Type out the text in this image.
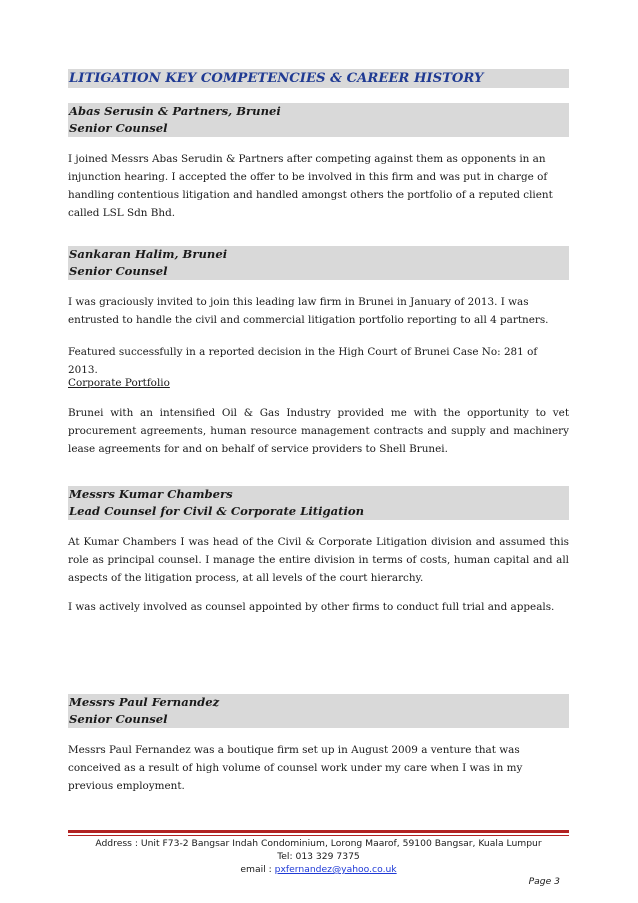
LITIGATION KEY COMPETENCIES & CAREER HISTORY
Abas Serusin & Partners, Brunei
Senior Counsel

I joined Messrs Abas Serudin & Partners after competing against them as opponents in an injunction hearing. I accepted the offer to be involved in this firm and was put in charge of handling contentious litigation and handled amongst others the portfolio of a reputed client called LSL Sdn Bhd.

Sankaran Halim, Brunei
Senior Counsel

I was graciously invited to join this leading law firm in Brunei in January of 2013. I was entrusted to handle the civil and commercial litigation portfolio reporting to all 4 partners.

Featured successfully in a reported decision in the High Court of Brunei Case No: 281 of 2013.

Corporate Portfolio

Brunei with an intensified Oil & Gas Industry provided me with the opportunity to vet procurement agreements, human resource management contracts and supply and machinery lease agreements for and on behalf of service providers to Shell Brunei.

Messrs Kumar Chambers
Lead Counsel for Civil & Corporate Litigation

At Kumar Chambers I was head of the Civil & Corporate Litigation division and assumed this role as principal counsel. I manage the entire division in terms of costs, human capital and all aspects of the litigation process, at all levels of the court hierarchy.

I was actively involved as counsel appointed by other firms to conduct full trial and appeals.

Messrs Paul Fernandez
Senior Counsel

Messrs Paul Fernandez was a boutique firm set up in August 2009 a venture that was conceived as a result of high volume of counsel work under my care when I was in my previous employment.

Address : Unit F73-2 Bangsar Indah Condominium, Lorong Maarof, 59100 Bangsar, Kuala Lumpur
Tel: 013 329 7375
email : pxfernandez@yahoo.co.uk
Page 3
